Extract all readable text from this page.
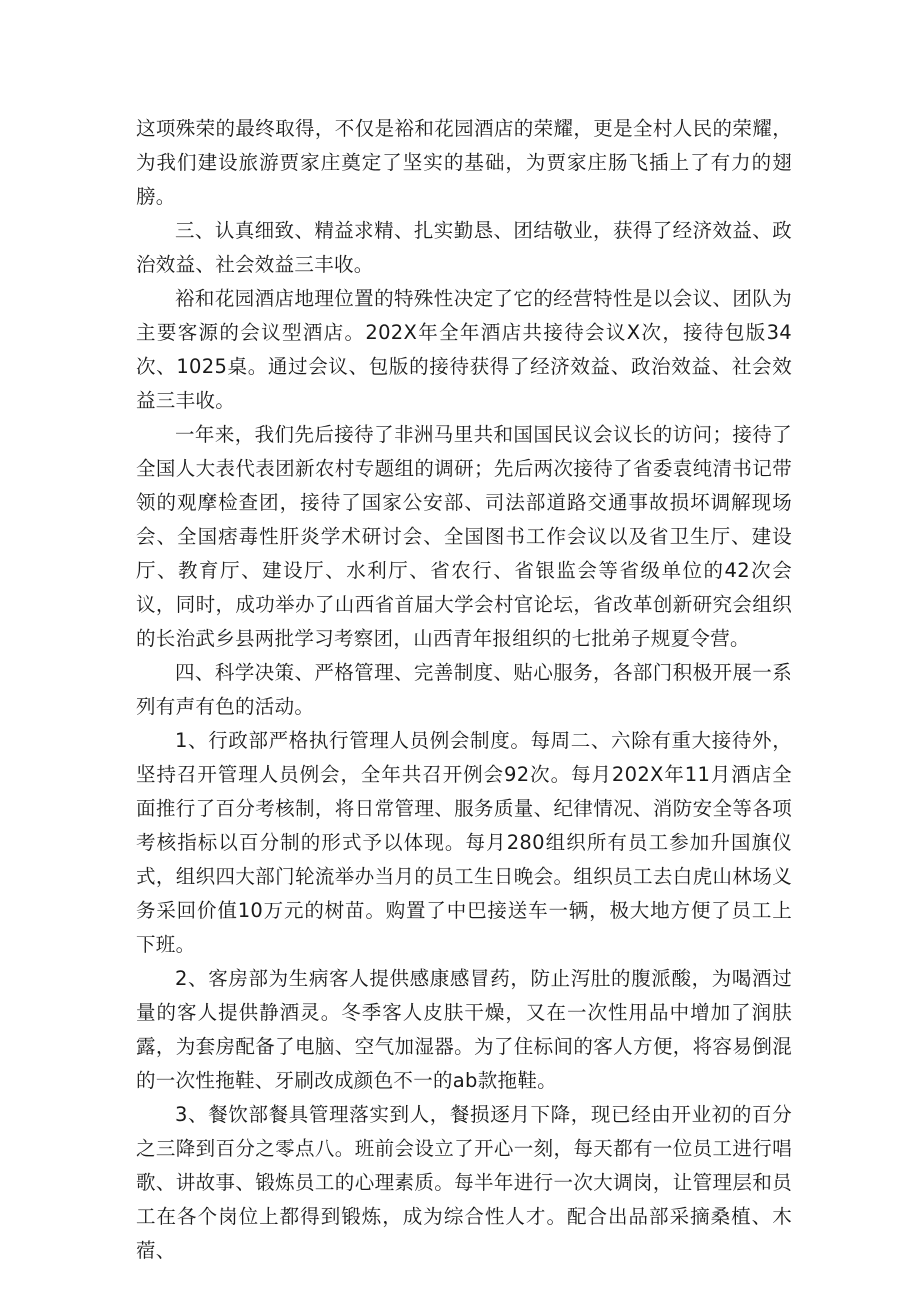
这项殊荣的最终取得，不仅是裕和花园酒店的荣耀，更是全村人民的荣耀，为我们建设旅游贾家庄奠定了坚实的基础，为贾家庄肠飞插上了有力的翅膀。

三、认真细致、精益求精、扎实勤恳、团结敬业，获得了经济效益、政治效益、社会效益三丰收。

裕和花园酒店地理位置的特殊性决定了它的经营特性是以会议、团队为主要客源的会议型酒店。202X年全年酒店共接待会议X次，接待包版34次、1025桌。通过会议、包版的接待获得了经济效益、政治效益、社会效益三丰收。

一年来，我们先后接待了非洲马里共和国国民议会议长的访问；接待了全国人大表代表团新农村专题组的调研；先后两次接待了省委袁纯清书记带领的观摩检查团，接待了国家公安部、司法部道路交通事故损坏调解现场会、全国痞毒性肝炎学术研讨会、全国图书工作会议以及省卫生厅、建设厅、教育厅、建设厅、水利厅、省农行、省银监会等省级单位的42次会议，同时，成功举办了山西省首届大学会村官论坛，省改革创新研究会组织的长治武乡县两批学习考察团，山西青年报组织的七批弟子规夏令营。

四、科学决策、严格管理、完善制度、贴心服务，各部门积极开展一系列有声有色的活动。

1、行政部严格执行管理人员例会制度。每周二、六除有重大接待外，坚持召开管理人员例会，全年共召开例会92次。每月202X年11月酒店全面推行了百分考核制，将日常管理、服务质量、纪律情况、消防安全等各项考核指标以百分制的形式予以体现。每月280组织所有员工参加升国旗仪式，组织四大部门轮流举办当月的员工生日晚会。组织员工去白虎山林场义务采回价值10万元的树苗。购置了中巴接送车一辆，极大地方便了员工上下班。

2、客房部为生病客人提供感康感冒药，防止泻肚的腹派酸，为喝酒过量的客人提供静酒灵。冬季客人皮肤干燥，又在一次性用品中增加了润肤露，为套房配备了电脑、空气加湿器。为了住标间的客人方便，将容易倒混的一次性拖鞋、牙刷改成颜色不一的ab款拖鞋。

3、餐饮部餐具管理落实到人，餐损逐月下降，现已经由开业初的百分之三降到百分之零点八。班前会设立了开心一刻，每天都有一位员工进行唱歌、讲故事、锻炼员工的心理素质。每半年进行一次大调岗，让管理层和员工在各个岗位上都得到锻炼，成为综合性人才。配合出品部采摘桑植、木蓿、
